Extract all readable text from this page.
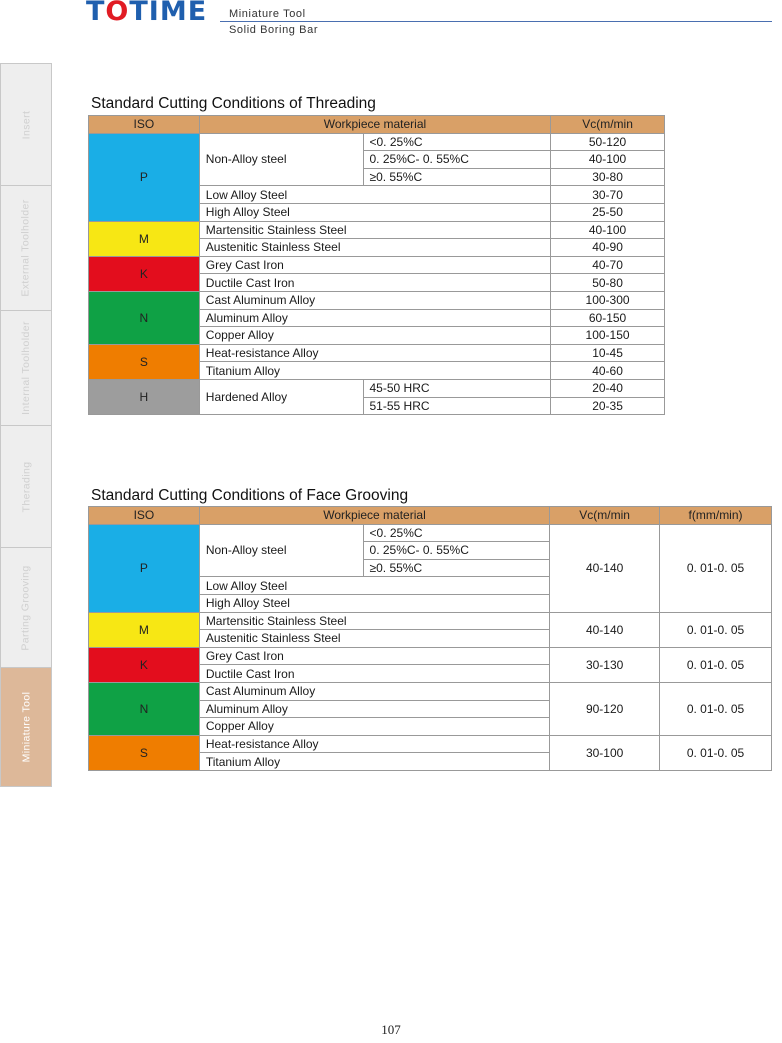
TOTIME Miniature Tool
Solid Boring Bar
Insert
External Toolholder
Internal Toolholder
Therading
Parting Grooving
Miniature Tool
Standard Cutting Conditions of Threading
ISO	Workpiece material		Vc(m/min
P	Non-Alloy steel	<0. 25%C	50-120
		0. 25%C- 0. 55%C	40-100
		≥0. 55%C	30-80
	Low Alloy Steel		30-70
	High Alloy Steel		25-50
M	Martensitic Stainless Steel		40-100
	Austenitic Stainless Steel		40-90
K	Grey Cast Iron		40-70
	Ductile Cast Iron		50-80
N	Cast Aluminum Alloy		100-300
	Aluminum Alloy		60-150
	Copper Alloy		100-150
S	Heat-resistance Alloy		10-45
	Titanium Alloy		40-60
H	Hardened Alloy	45-50 HRC	20-40
		51-55 HRC	20-35
Standard Cutting Conditions of Face Grooving
ISO	Workpiece material		Vc(m/min	f(mm/min)
P	Non-Alloy steel	<0. 25%C	40-140	0. 01-0. 05
		0. 25%C- 0. 55%C		
		≥0. 55%C		
	Low Alloy Steel			
	High Alloy Steel			
M	Martensitic Stainless Steel		40-140	0. 01-0. 05
	Austenitic Stainless Steel			
K	Grey Cast Iron		30-130	0. 01-0. 05
	Ductile Cast Iron			
N	Cast Aluminum Alloy		90-120	0. 01-0. 05
	Aluminum Alloy			
	Copper Alloy			
S	Heat-resistance Alloy		30-100	0. 01-0. 05
	Titanium Alloy			
107
